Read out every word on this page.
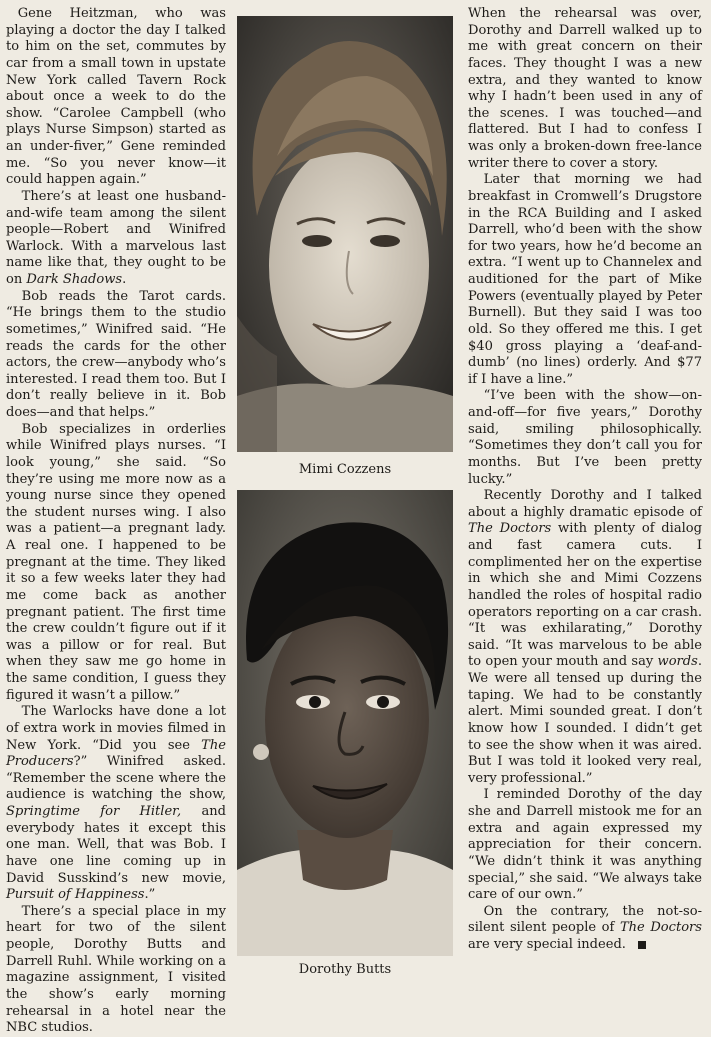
Gene Heitzman, who was playing a doctor the day I talked to him on the set, commutes by car from a small town in upstate New York called Tavern Rock about once a week to do the show. “Carolee Campbell (who plays Nurse Simpson) started as an under-fiver,” Gene reminded me. “So you never know—it could happen again.”

There’s at least one husband-and-wife team among the silent people—Robert and Winifred Warlock. With a marvelous last name like that, they ought to be on Dark Shadows.

Bob reads the Tarot cards. “He brings them to the studio sometimes,” Winifred said. “He reads the cards for the other actors, the crew—anybody who’s interested. I read them too. But I don’t really believe in it. Bob does—and that helps.”

Bob specializes in orderlies while Winifred plays nurses. “I look young,” she said. “So they’re using me more now as a young nurse since they opened the student nurses wing. I also was a patient—a pregnant lady. A real one. I happened to be pregnant at the time. They liked it so a few weeks later they had me come back as another pregnant patient. The first time the crew couldn’t figure out if it was a pillow or for real. But when they saw me go home in the same condition, I guess they figured it wasn’t a pillow.”

The Warlocks have done a lot of extra work in movies filmed in New York. “Did you see The Producers?” Winifred asked. “Remember the scene where the audience is watching the show, Springtime for Hitler, and everybody hates it except this one man. Well, that was Bob. I have one line coming up in David Susskind’s new movie, Pursuit of Happiness.”

There’s a special place in my heart for two of the silent people, Dorothy Butts and Darrell Ruhl. While working on a magazine assignment, I visited the show’s early morning rehearsal in a hotel near the NBC studios.

Mimi Cozzens
Dorothy Butts

When the rehearsal was over, Dorothy and Darrell walked up to me with great concern on their faces. They thought I was a new extra, and they wanted to know why I hadn’t been used in any of the scenes. I was touched—and flattered. But I had to confess I was only a broken-down free-lance writer there to cover a story.

Later that morning we had breakfast in Cromwell’s Drugstore in the RCA Building and I asked Darrell, who’d been with the show for two years, how he’d become an extra. “I went up to Channelex and auditioned for the part of Mike Powers (eventually played by Peter Burnell). But they said I was too old. So they offered me this. I get $40 gross playing a ‘deaf-and-dumb’ (no lines) orderly. And $77 if I have a line.”

“I’ve been with the show—on-and-off—for five years,” Dorothy said, smiling philosophically. “Sometimes they don’t call you for months. But I’ve been pretty lucky.”

Recently Dorothy and I talked about a highly dramatic episode of The Doctors with plenty of dialog and fast camera cuts. I complimented her on the expertise in which she and Mimi Cozzens handled the roles of hospital radio operators reporting on a car crash. “It was exhilarating,” Dorothy said. “It was marvelous to be able to open your mouth and say words. We were all tensed up during the taping. We had to be constantly alert. Mimi sounded great. I don’t know how I sounded. I didn’t get to see the show when it was aired. But I was told it looked very real, very professional.”

I reminded Dorothy of the day she and Darrell mistook me for an extra and again expressed my appreciation for their concern. “We didn’t think it was anything special,” she said. “We always take care of our own.”

On the contrary, the not-so-silent silent people of The Doctors are very special indeed.
